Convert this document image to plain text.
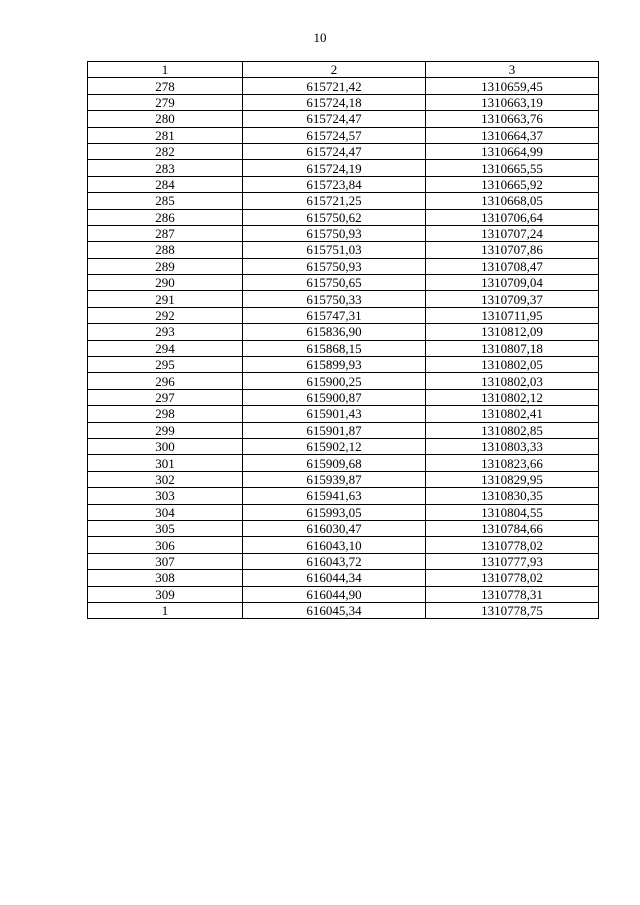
10
1	2	3
278	615721,42	1310659,45
279	615724,18	1310663,19
280	615724,47	1310663,76
281	615724,57	1310664,37
282	615724,47	1310664,99
283	615724,19	1310665,55
284	615723,84	1310665,92
285	615721,25	1310668,05
286	615750,62	1310706,64
287	615750,93	1310707,24
288	615751,03	1310707,86
289	615750,93	1310708,47
290	615750,65	1310709,04
291	615750,33	1310709,37
292	615747,31	1310711,95
293	615836,90	1310812,09
294	615868,15	1310807,18
295	615899,93	1310802,05
296	615900,25	1310802,03
297	615900,87	1310802,12
298	615901,43	1310802,41
299	615901,87	1310802,85
300	615902,12	1310803,33
301	615909,68	1310823,66
302	615939,87	1310829,95
303	615941,63	1310830,35
304	615993,05	1310804,55
305	616030,47	1310784,66
306	616043,10	1310778,02
307	616043,72	1310777,93
308	616044,34	1310778,02
309	616044,90	1310778,31
1	616045,34	1310778,75
